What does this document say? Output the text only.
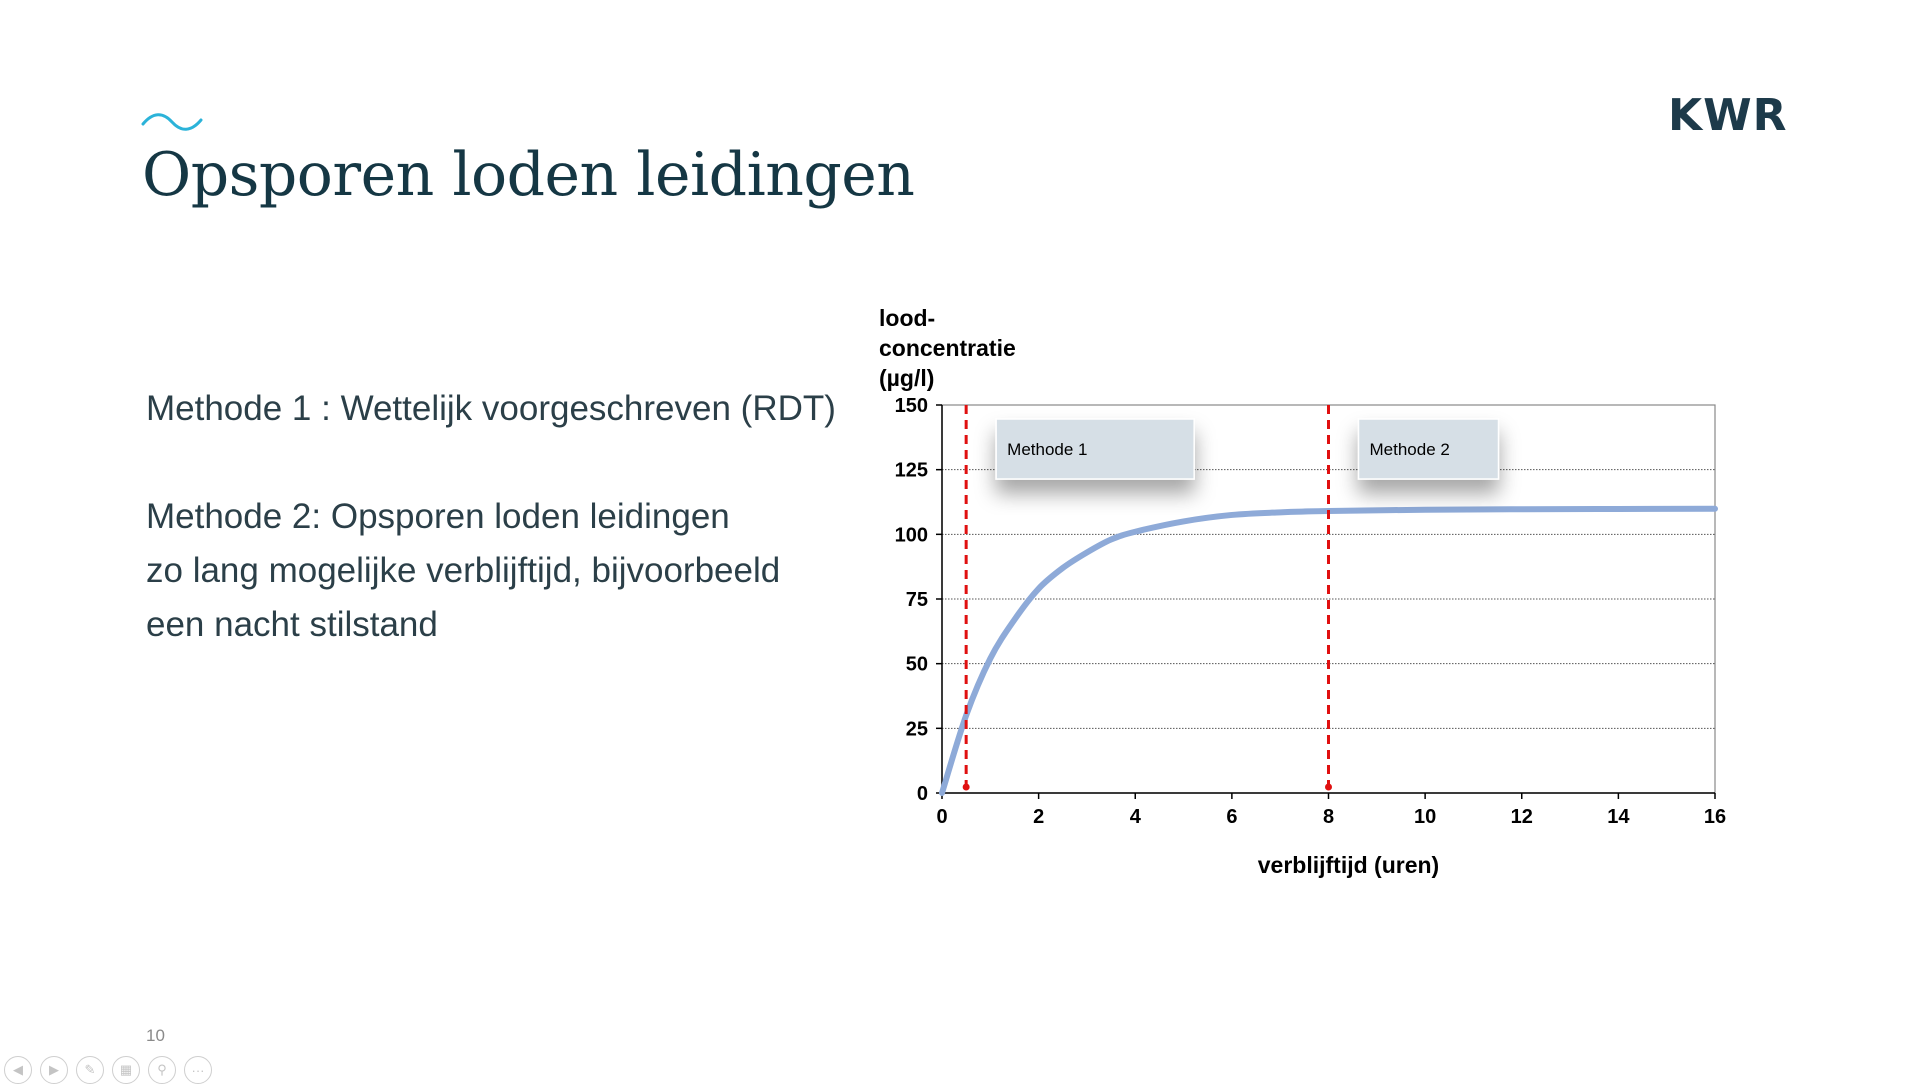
Opsporen loden leidingen
KWR
Methode 1 : Wettelijk voorgeschreven (RDT)
Methode 2: Opsporen loden leidingen
zo lang mogelijke verblijftijd, bijvoorbeeld
een nacht stilstand
lood-
concentratie
(µg/l)
0
25
50
75
100
125
150
0	2	4	6	8	10	12	14	16
verblijftijd (uren)
Methode 1	Methode 2
10
◀	▶	✎	▦	⚲	···
